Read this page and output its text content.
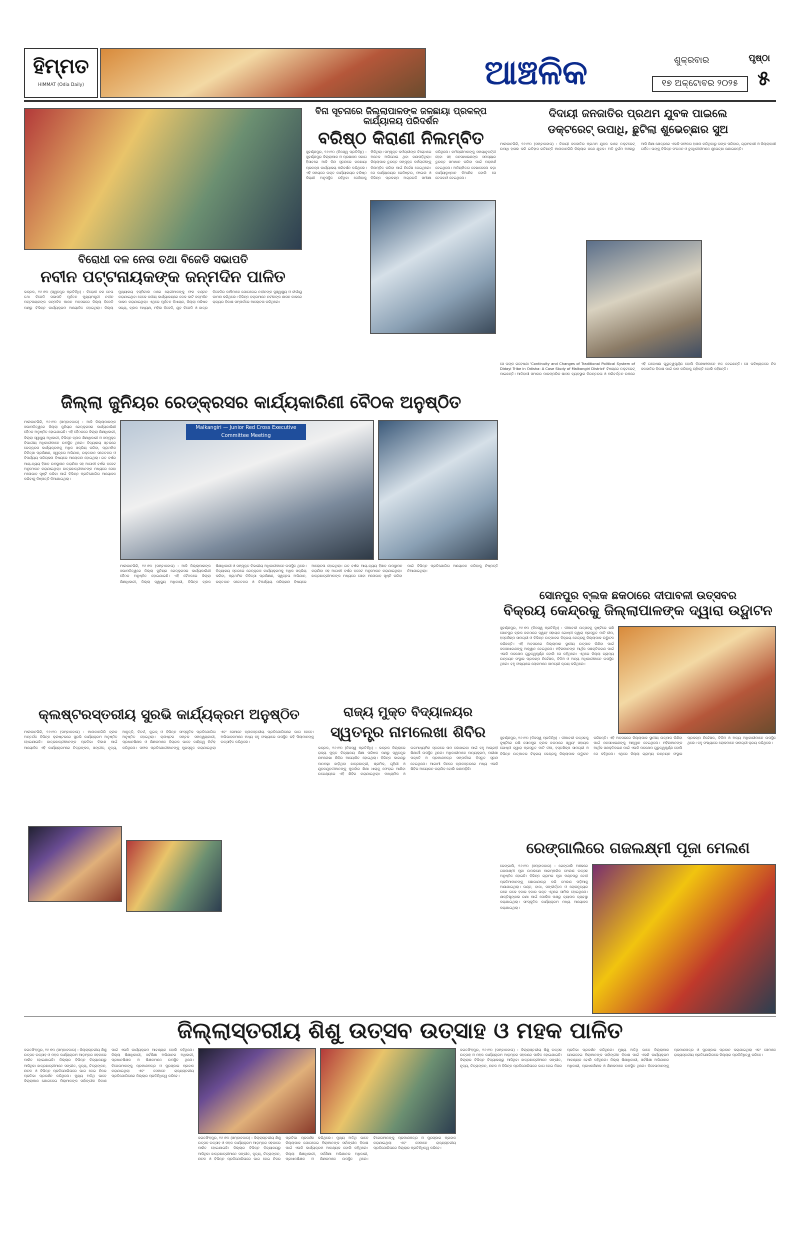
ହିମ୍ମତ
HIMMAT (Odia Daily)	ଆଞ୍ଚଳିକ	ପୃଷ୍ଠା
ଶୁକ୍ରବାର
୧୭ ଅକ୍ଟୋବର ୨୦୨୫ ୫
ବିରୋଧୀ ଦଳ ନେତା ତଥା ବିଜେଡି ସଭାପତି
ନବୀନ ପଟ୍ଟନାୟକଙ୍କ ଜନ୍ମଦିନ ପାଳିତ
ଭଦ୍ରକ, ୧୬।୧୦ (ସ୍ୱତନ୍ତ୍ର ପ୍ରତିନିଧି) : ବିରୋଧୀ ଦଳ ନେତା ତଥା ବିଜେଡି ସଭାପତି ପୂର୍ବତନ ମୁଖ୍ୟମନ୍ତ୍ରୀ ନବୀନ ପଟ୍ଟନାୟକଙ୍କ ଜନ୍ମଦିନ ପାଳନ ଅବସରରେ ଜିଲ୍ଲା ବିଜେଡି ପକ୍ଷରୁ ବିଭିନ୍ନ କାର୍ଯ୍ୟକ୍ରମ ଆୟୋଜିତ ହୋଇଥିଲା। ଜିଲ୍ଲା ମୁଖ୍ୟାଳୟ ହସ୍ପିଟାଲ ଠାରେ ରୋଗୀମାନଙ୍କୁ ଫଳ ବଣ୍ଟନ କରାଯାଇଥିବା ବେଳେ ଦଳୀୟ କାର୍ଯ୍ୟାଳୟରେ କେକ କାଟି ଜନ୍ମଦିନ ପାଳନ କରାଯାଇଥିଲା। ଏଥିରେ ପୂର୍ବତନ ବିଧାୟକ, ଜିଲ୍ଲା ପରିଷଦ ସଭ୍ୟ, ବ୍ଲକ ଅଧ୍ୟକ୍ଷ, ମହିଳା ବିଜେଡି, ଯୁବ ବିଜେଡି ଓ ଛାତ୍ର ବିଜେଡିର କର୍ମୀମାନେ ଯୋଗଦେଇ ନବୀନଙ୍କ ସୁସ୍ୱାସ୍ଥ୍ୟ ଓ ଦୀର୍ଘାୟୁ କାମନା କରିଥିଲେ। ବିଭିନ୍ନ ବକ୍ତାମାନେ ନବୀନଙ୍କ ଶାସନ କାଳରେ ରାଜ୍ୟର ବିକାଶ ସମ୍ପର୍କରେ ଆଲୋଚନା କରିଥିଲେ।
ବିନା ସୂଚନାରେ ଜିଲ୍ଲାପାଳଙ୍କ ଜଳଛାୟା ପ୍ରକଳ୍ପ କାର୍ଯ୍ୟାଳୟ ପରିଦର୍ଶନ
ବରିଷ୍ଠ କିରାଣୀ ନିଲମ୍ବିତ
ସୁବର୍ଣ୍ଣପୁର, ୧୬।୧୦ (ନିଜସ୍ୱ ପ୍ରତିନିଧି) : ସୁବର୍ଣ୍ଣପୁର ଜିଲ୍ଲାପାଳ ଓ ପ୍ରଶାସନ ସଜାଗ ହିସାବରେ ଆଜି ବିନା ସୂଚନାରେ ଜଳଛାୟା ପ୍ରକଳ୍ପ କାର୍ଯ୍ୟାଳୟ ପରିଦର୍ଶନ କରିଥିଲେ। ଏହି ସମୟରେ ଉକ୍ତ କାର୍ଯ୍ୟାଳୟର ବରିଷ୍ଠ କିରାଣୀ ଅନୁପସ୍ଥିତ ରହିଥିବା ଦେଖିବାକୁ ମିଳିଥିଲା। ସମ୍ପୃକ୍ତ କର୍ମଚାରୀଙ୍କ ବିରୋଧରେ ଅନେକ ଅଭିଯୋଗ ଥିବା ଜଣାପଡ଼ିଥିଲା। ଜିଲ୍ଲାପାଳ ତୁରନ୍ତ ସମ୍ପୃକ୍ତ କର୍ମଚାରୀଙ୍କୁ ନିଲମ୍ବିତ କରିବା ପାଇଁ ନିର୍ଦ୍ଦେଶ ଦେଇଥିଲେ। ସେ କାର୍ଯ୍ୟାଳୟର ରେଜିଷ୍ଟର, ଫାଇଲ ଓ ବିଭିନ୍ନ ପ୍ରକଳ୍ପ ଅଗ୍ରଗତି ସମୀକ୍ଷା କରିଥିଲେ। କର୍ମଚାରୀମାନଙ୍କୁ ସମୟାନୁବର୍ତ୍ତୀ ହେବା ସହ ଜନସାଧାରଣଙ୍କ ସମସ୍ୟାର ତୁରନ୍ତ ସମାଧାନ କରିବା ପାଇଁ ପରାମର୍ଶ ଦେଇଥିଲେ। ଅନିୟମିତତା ଦେଖାଦେଲେ କଡ଼ା କାର୍ଯ୍ୟାନୁଷ୍ଠାନ ନିଆଯିବ ବୋଲି ସେ ଚେତାବନୀ ଦେଇଥିଲେ।
ଦିଦାୟୀ ଜନଜାତିର ପ୍ରଥମ ଯୁବକ ପାଇଲେ
ଡକ୍ଟରେଟ୍ ଉପାଧି, ଛୁଟିଲା ଶୁଭେଚ୍ଛାର ସୁଅ
ମାଲକାନଗିରି, ୧୬।୧୦ (ସମ୍ବାଦଦାତା) : ଦିଦାୟୀ ଜନଜାତିର ପ୍ରଥମ ଯୁବକ ଭାବେ ଡକ୍ଟରେଟ୍ ଉପାଧି ହାସଲ କରି ଇତିହାସ ରଚିଛନ୍ତି ମାଲକାନଗିରି ଜିଲ୍ଲାର ଜଣେ ଯୁବକ। ଅତି ଦୁର୍ଗମ ଅଞ୍ଚଳରୁ ଆସି ଶିକ୍ଷା କ୍ଷେତ୍ରରେ ଏଭଳି ସଫଳତା ହାସଲ କରିଥିବାରୁ ତାଙ୍କ ପରିବାର, ଗ୍ରାମବାସୀ ଓ ଜିଲ୍ଲାବାସୀ ଗର୍ବିତ। ତାଙ୍କୁ ବିଭିନ୍ନ ସଂଗଠନ ଓ ବୁଦ୍ଧିଜୀବୀମାନେ ଶୁଭେଚ୍ଛା ଜଣାଇଛନ୍ତି।
ସେ ତାଙ୍କ ଗବେଷଣା 'Continuity and Changes of Traditional Political System of Didayi Tribe in Odisha: A Case Study of Malkangiri District' ବିଷୟରେ ଡକ୍ଟରେଟ୍ ପାଇଛନ୍ତି। ଆଦିବାସୀ ସମାଜର ପାରମ୍ପରିକ ଶାସନ ବ୍ୟବସ୍ଥାର ନିରନ୍ତରତା ଓ ପରିବର୍ତ୍ତନ ଉପରେ ଏହି ଗବେଷଣା ଗୁରୁତ୍ୱପୂର୍ଣ୍ଣ ବୋଲି ବିଶେଷଜ୍ଞମାନେ ମତ ଦେଇଛନ୍ତି। ସେ ଭବିଷ୍ୟତରେ ନିଜ ଜନଜାତିର ବିକାଶ ପାଇଁ କାମ କରିବାକୁ ଚାହାଁନ୍ତି ବୋଲି କହିଛନ୍ତି।
ଜିଲ୍ଲା ଜୁନିୟର ରେଡ୍‌କ୍ରସର କାର୍ଯ୍ୟକାରିଣୀ ବୈଠକ ଅନୁଷ୍ଠିତ
ମାଲକାନଗିରି, ୧୬।୧୦ (ସମ୍ବାଦଦାତା) : ଆଜି ଜିଲ୍ଲାପାଳଙ୍କ ସଭାପତିତ୍ୱରେ ଜିଲ୍ଲା ଜୁନିୟର ରେଡ୍‌କ୍ରସର କାର୍ଯ୍ୟକାରିଣୀ ବୈଠକ ଅନୁଷ୍ଠିତ ହୋଇଯାଇଛି। ଏହି ବୈଠକରେ ଜିଲ୍ଲା ଶିକ୍ଷାଧିକାରୀ, ଜିଲ୍ଲା ସ୍ୱାସ୍ଥ୍ୟ ଅଧିକାରୀ, ବିଭିନ୍ନ ବ୍ଲକ ଶିକ୍ଷାଧିକାରୀ ଓ ସମ୍ପୃକ୍ତ ବିଭାଗୀୟ ଅଧିକାରୀମାନେ ଉପସ୍ଥିତ ଥିଲେ। ବିଦ୍ୟାଳୟ ସ୍ତରରେ ରେଡ୍‌କ୍ରସ କାର୍ଯ୍ୟକ୍ରମକୁ ଅଧିକ ସକ୍ରିୟ କରିବା, ପ୍ରାଥମିକ ଚିକିତ୍ସା ପ୍ରଶିକ୍ଷଣ, ସ୍ୱଚ୍ଛତା ଅଭିଯାନ, ରକ୍ତଦାନ ସଚେତନତା ଓ ବିପର୍ଯ୍ୟୟ ପରିଚାଳନା ବିଷୟରେ ଆଲୋଚନା ହୋଇଥିଲା। ଗତ ବର୍ଷର ଆୟ-ବ୍ୟୟ ହିସାବ ଉପସ୍ଥାପନ କରାଯିବା ସହ ଆଗାମୀ ବର୍ଷର ବଜେଟ ଅନୁମୋଦନ କରାଯାଇଥିଲା। ଛାତ୍ରଛାତ୍ରୀମାନଙ୍କ ମଧ୍ୟରେ ସେବା ମନୋଭାବ ସୃଷ୍ଟି କରିବା ପାଇଁ ବିଭିନ୍ନ ପ୍ରତିଯୋଗିତା ଆୟୋଜନ କରିବାକୁ ନିଷ୍ପତ୍ତି ନିଆଯାଇଥିଲା।
Malkangiri — Junior Red Cross Executive Committee Meeting
ମାଲକାନଗିରି, ୧୬।୧୦ (ସମ୍ବାଦଦାତା) : ଆଜି ଜିଲ୍ଲାପାଳଙ୍କ ସଭାପତିତ୍ୱରେ ଜିଲ୍ଲା ଜୁନିୟର ରେଡ୍‌କ୍ରସର କାର୍ଯ୍ୟକାରିଣୀ ବୈଠକ ଅନୁଷ୍ଠିତ ହୋଇଯାଇଛି। ଏହି ବୈଠକରେ ଜିଲ୍ଲା ଶିକ୍ଷାଧିକାରୀ, ଜିଲ୍ଲା ସ୍ୱାସ୍ଥ୍ୟ ଅଧିକାରୀ, ବିଭିନ୍ନ ବ୍ଲକ ଶିକ୍ଷାଧିକାରୀ ଓ ସମ୍ପୃକ୍ତ ବିଭାଗୀୟ ଅଧିକାରୀମାନେ ଉପସ୍ଥିତ ଥିଲେ। ବିଦ୍ୟାଳୟ ସ୍ତରରେ ରେଡ୍‌କ୍ରସ କାର୍ଯ୍ୟକ୍ରମକୁ ଅଧିକ ସକ୍ରିୟ କରିବା, ପ୍ରାଥମିକ ଚିକିତ୍ସା ପ୍ରଶିକ୍ଷଣ, ସ୍ୱଚ୍ଛତା ଅଭିଯାନ, ରକ୍ତଦାନ ସଚେତନତା ଓ ବିପର୍ଯ୍ୟୟ ପରିଚାଳନା ବିଷୟରେ ଆଲୋଚନା ହୋଇଥିଲା। ଗତ ବର୍ଷର ଆୟ-ବ୍ୟୟ ହିସାବ ଉପସ୍ଥାପନ କରାଯିବା ସହ ଆଗାମୀ ବର୍ଷର ବଜେଟ ଅନୁମୋଦନ କରାଯାଇଥିଲା। ଛାତ୍ରଛାତ୍ରୀମାନଙ୍କ ମଧ୍ୟରେ ସେବା ମନୋଭାବ ସୃଷ୍ଟି କରିବା ପାଇଁ ବିଭିନ୍ନ ପ୍ରତିଯୋଗିତା ଆୟୋଜନ କରିବାକୁ ନିଷ୍ପତ୍ତି ନିଆଯାଇଥିଲା।
ସୋନପୁର ବ୍ଲକ ଛକଠାରେ ଦୀପାବଳୀ ଉତ୍ସବର
ବିକ୍ରୟ କେନ୍ଦ୍ରକୁ ଜିଲ୍ଲାପାଳଙ୍କ ଦ୍ୱାରା ଉଦ୍ଘାଟନ
ସୁବର୍ଣ୍ଣପୁର, ୧୬।୧୦ (ନିଜସ୍ୱ ପ୍ରତିନିଧି) : ଦୀପାବଳୀ ଉତ୍ସବକୁ ଦୃଷ୍ଟିରେ ରଖି ସୋନପୁର ବ୍ଲକ ଛକଠାରେ ସ୍ୱୟଂ ସହାୟକ ଗୋଷ୍ଠୀ ଦ୍ୱାରା ପ୍ରସ୍ତୁତ ମାଟି ଦୀପ, ହସ୍ତଶିଳ୍ପ ସାମଗ୍ରୀ ଓ ବିଭିନ୍ନ ଉତ୍ପାଦର ବିକ୍ରୟ କେନ୍ଦ୍ରକୁ ଜିଲ୍ଲାପାଳ ଉଦ୍ଘାଟନ କରିଛନ୍ତି। ଏହି ଅବସରରେ ଜିଲ୍ଲାପାଳ ସ୍ଥାନୀୟ ଉତ୍ପାଦ କିଣିବା ପାଇଁ ଜନସାଧାରଣଙ୍କୁ ଆହ୍ୱାନ ଦେଇଥିଲେ। ମହିଳାମାନଙ୍କ ଆର୍ଥିକ ସଶକ୍ତିକରଣ ପାଇଁ ଏଭଳି ପଦକ୍ଷେପ ଗୁରୁତ୍ୱପୂର୍ଣ୍ଣ ବୋଲି ସେ କହିଥିଲେ। ଏଥିରେ ଜିଲ୍ଲା ଗ୍ରାମ୍ୟ ଉନ୍ନୟନ ସଂସ୍ଥାର ପ୍ରକଳ୍ପ ନିର୍ଦ୍ଦେଶକ, ବିଡିଓ ଓ ଅନ୍ୟ ଅଧିକାରୀମାନେ ଉପସ୍ଥିତ ଥିଲେ। ବହୁ ସଂଖ୍ୟାରେ ଲୋକମାନେ ସାମଗ୍ରୀ କ୍ରୟ କରିଥିଲେ।
ସୁବର୍ଣ୍ଣପୁର, ୧୬।୧୦ (ନିଜସ୍ୱ ପ୍ରତିନିଧି) : ଦୀପାବଳୀ ଉତ୍ସବକୁ ଦୃଷ୍ଟିରେ ରଖି ସୋନପୁର ବ୍ଲକ ଛକଠାରେ ସ୍ୱୟଂ ସହାୟକ ଗୋଷ୍ଠୀ ଦ୍ୱାରା ପ୍ରସ୍ତୁତ ମାଟି ଦୀପ, ହସ୍ତଶିଳ୍ପ ସାମଗ୍ରୀ ଓ ବିଭିନ୍ନ ଉତ୍ପାଦର ବିକ୍ରୟ କେନ୍ଦ୍ରକୁ ଜିଲ୍ଲାପାଳ ଉଦ୍ଘାଟନ କରିଛନ୍ତି। ଏହି ଅବସରରେ ଜିଲ୍ଲାପାଳ ସ୍ଥାନୀୟ ଉତ୍ପାଦ କିଣିବା ପାଇଁ ଜନସାଧାରଣଙ୍କୁ ଆହ୍ୱାନ ଦେଇଥିଲେ। ମହିଳାମାନଙ୍କ ଆର୍ଥିକ ସଶକ୍ତିକରଣ ପାଇଁ ଏଭଳି ପଦକ୍ଷେପ ଗୁରୁତ୍ୱପୂର୍ଣ୍ଣ ବୋଲି ସେ କହିଥିଲେ। ଏଥିରେ ଜିଲ୍ଲା ଗ୍ରାମ୍ୟ ଉନ୍ନୟନ ସଂସ୍ଥାର ପ୍ରକଳ୍ପ ନିର୍ଦ୍ଦେଶକ, ବିଡିଓ ଓ ଅନ୍ୟ ଅଧିକାରୀମାନେ ଉପସ୍ଥିତ ଥିଲେ। ବହୁ ସଂଖ୍ୟାରେ ଲୋକମାନେ ସାମଗ୍ରୀ କ୍ରୟ କରିଥିଲେ।
କ୍ଲଷ୍ଟରସ୍ତରୀୟ ସୁରଭି କାର୍ଯ୍ୟକ୍ରମ ଅନୁଷ୍ଠିତ
ମାଲକାନଗିରି, ୧୬।୧୦ (ସମ୍ବାଦଦାତା) : ମାଲକାନଗିରି ବ୍ଲକ ଅନ୍ତର୍ଗତ ବିଭିନ୍ନ କ୍ଲଷ୍ଟରରେ ସୁରଭି କାର୍ଯ୍ୟକ୍ରମ ଅନୁଷ୍ଠିତ ହୋଇଯାଇଛି। ଛାତ୍ରଛାତ୍ରୀମାନଙ୍କ ପ୍ରତିଭା ବିକାଶ ପାଇଁ ଆୟୋଜିତ ଏହି କାର୍ଯ୍ୟକ୍ରମରେ ଚିତ୍ରାଙ୍କନ, ସଙ୍ଗୀତ, ନୃତ୍ୟ, ଆବୃତ୍ତି, ବିତର୍କ, କୁଇଜ୍ ଓ ବିଭିନ୍ନ ସାଂସ୍କୃତିକ ପ୍ରତିଯୋଗିତା ଅନୁଷ୍ଠିତ ହୋଇଥିଲା। କ୍ଲଷ୍ଟର ସମ୍ବଳ ସମନ୍ୱୟକାରୀ, ପ୍ରଧାନଶିକ୍ଷକ ଓ ଶିକ୍ଷକମାନେ ବିଚାରକ ଭାବେ ଦାୟିତ୍ୱ ନିର୍ବାହ କରିଥିଲେ। ସଫଳ ପ୍ରତିଯୋଗୀମାନଙ୍କୁ ପୁରସ୍କୃତ କରାଯାଇଥିଲା ଏବଂ ସେମାନେ ବ୍ଲକସ୍ତରୀୟ ପ୍ରତିଯୋଗିତାରେ ଭାଗ ନେବେ। ଅଭିଭାବକମାନେ ମଧ୍ୟ ବହୁ ସଂଖ୍ୟାରେ ଉପସ୍ଥିତ ରହି ପିଲାମାନଙ୍କୁ ଉତ୍ସାହିତ କରିଥିଲେ।
ରାଜ୍ୟ ମୁକ୍ତ ବିଦ୍ୟାଳୟର
ସ୍ୱତନ୍ତ୍ର ନାମଲେଖା ଶିବିର
ଭଦ୍ରକ, ୧୬।୧୦ (ନିଜସ୍ୱ ପ୍ରତିନିଧି) : ଭଦ୍ରକ ଜିଲ୍ଲାରେ ରାଜ୍ୟ ମୁକ୍ତ ବିଦ୍ୟାଳୟ ଶିକ୍ଷା ପରିଷଦ ପକ୍ଷରୁ ସ୍ୱତନ୍ତ୍ର ନାମଲେଖା ଶିବିର ଆୟୋଜିତ ହୋଇଥିଲା। ବିଭିନ୍ନ କାରଣରୁ ପାଠପଢ଼ା ଛାଡ଼ିଥିବା ଛାତ୍ରଛାତ୍ରୀ, ଶ୍ରମିକ, ଗୃହିଣୀ ଓ ଯୁବକଯୁବତୀମାନଙ୍କୁ ପୁନର୍ବାର ଶିକ୍ଷା ଧାରାକୁ ଫେରାଇ ଆଣିବା ଉଦ୍ଦେଶ୍ୟରେ ଏହି ଶିବିର କରାଯାଇଥିଲା। ମାଧ୍ୟମିକ ଓ ଉଚ୍ଚମାଧ୍ୟମିକ ସ୍ତରରେ ନାମ ଲେଖାଇବା ପାଇଁ ବହୁ ଆଗ୍ରହୀ ଶିକ୍ଷାର୍ଥୀ ଉପସ୍ଥିତ ଥିଲେ। ଅଧିକାରୀମାନେ ପାଠ୍ୟକ୍ରମ, ପରୀକ୍ଷା ପଦ୍ଧତି ଓ ପ୍ରମାଣପତ୍ର ସମ୍ପର୍କରେ ବିସ୍ତୃତ ସୂଚନା ଦେଇଥିଲେ। ଆଗାମୀ ଦିନରେ ବ୍ଲକସ୍ତରରେ ମଧ୍ୟ ଏଭଳି ଶିବିର ଆୟୋଜନ କରାଯିବ ବୋଲି ଜଣାପଡ଼ିଛି।
ରେଙ୍ଗାଲିରେ ଗଜଲକ୍ଷ୍ମୀ ପୂଜା ମେଲଣ
ରେଙ୍ଗାଲି, ୧୬।୧୦ (ସମ୍ବାଦଦାତା) : ରେଙ୍ଗାଲି ଅଞ୍ଚଳରେ ଗଜଲକ୍ଷ୍ମୀ ପୂଜା ଉପଲକ୍ଷେ ପାରମ୍ପରିକ ମେଲଣ ଉତ୍ସବ ଅନୁଷ୍ଠିତ ହୋଇଛି। ବିଭିନ୍ନ ଗ୍ରାମର ପୂଜା ମଣ୍ଡପରୁ ଦେବୀ ପ୍ରତିମାମାନଙ୍କୁ ଶୋଭାଯାତ୍ରା କରି ମେଲଣ ପଡ଼ିଆକୁ ଅଣାଯାଇଥିଲା। ଘଣ୍ଟ, ବାଜା, ସଙ୍କୀର୍ତ୍ତନ ଓ ଲୋକନୃତ୍ୟର ତାଳେ ତାଳେ ହଜାର ହଜାର ଭକ୍ତ ଏଥିରେ ସାମିଲ ହୋଇଥିଲେ। ଶାନ୍ତିଶୃଙ୍ଖଳା ରକ୍ଷା ପାଇଁ ପୋଲିସ ପକ୍ଷରୁ ବ୍ୟାପକ ବ୍ୟବସ୍ଥା କରାଯାଇଥିଲା। ସାଂସ୍କୃତିକ କାର୍ଯ୍ୟକ୍ରମ ମଧ୍ୟ ଆୟୋଜନ କରାଯାଇଥିଲା।
ଜିଲ୍ଲାସ୍ତରୀୟ ଶିଶୁ ଉତ୍ସବ ଉତ୍ସାହ ଓ ମହକ ପାଳିତ
ଜଗତସିଂହପୁର, ୧୬।୧୦ (ସମ୍ବାଦଦାତା) : ଜିଲ୍ଲାସ୍ତରୀୟ ଶିଶୁ ଉତ୍ସବ ଉତ୍ସାହ ଓ ମହକ କାର୍ଯ୍ୟକ୍ରମ ଆଡ଼ମ୍ବର ସହକାରେ ପାଳିତ ହୋଇଯାଇଛି। ଜିଲ୍ଲାର ବିଭିନ୍ନ ବିଦ୍ୟାଳୟରୁ ଆସିଥିବା ଛାତ୍ରଛାତ୍ରୀମାନେ ସଙ୍ଗୀତ, ନୃତ୍ୟ, ଚିତ୍ରାଙ୍କନ, ନାଟକ ଓ ବିଭିନ୍ନ ପ୍ରତିଯୋଗିତାରେ ଭାଗ ନେଇ ନିଜର ପ୍ରତିଭା ପ୍ରଦର୍ଶନ କରିଥିଲେ। ମୁଖ୍ୟ ଅତିଥି ଭାବେ ଜିଲ୍ଲାପାଳ ଯୋଗଦେଇ ପିଲାମାନଙ୍କ ସର୍ବାଙ୍ଗୀନ ବିକାଶ ପାଇଁ ଏଭଳି କାର୍ଯ୍ୟକ୍ରମ ଆବଶ୍ୟକ ବୋଲି କହିଥିଲେ। ଜିଲ୍ଲା ଶିକ୍ଷାଧିକାରୀ, ସର୍ବଶିକ୍ଷା ଅଭିଯାନର ଅଧିକାରୀ, ପ୍ରଧାନଶିକ୍ଷକ ଓ ଶିକ୍ଷକମାନେ ଉପସ୍ଥିତ ଥିଲେ। ବିଜେତାମାନଙ୍କୁ ପ୍ରମାଣପତ୍ର ଓ ପୁରସ୍କାର ପ୍ରଦାନ କରାଯାଇଥିଲା ଏବଂ ସେମାନେ ରାଜ୍ୟସ୍ତରୀୟ ପ୍ରତିଯୋଗିତାରେ ଜିଲ୍ଲାର ପ୍ରତିନିଧିତ୍ୱ କରିବେ।
ଜଗତସିଂହପୁର, ୧୬।୧୦ (ସମ୍ବାଦଦାତା) : ଜିଲ୍ଲାସ୍ତରୀୟ ଶିଶୁ ଉତ୍ସବ ଉତ୍ସାହ ଓ ମହକ କାର୍ଯ୍ୟକ୍ରମ ଆଡ଼ମ୍ବର ସହକାରେ ପାଳିତ ହୋଇଯାଇଛି। ଜିଲ୍ଲାର ବିଭିନ୍ନ ବିଦ୍ୟାଳୟରୁ ଆସିଥିବା ଛାତ୍ରଛାତ୍ରୀମାନେ ସଙ୍ଗୀତ, ନୃତ୍ୟ, ଚିତ୍ରାଙ୍କନ, ନାଟକ ଓ ବିଭିନ୍ନ ପ୍ରତିଯୋଗିତାରେ ଭାଗ ନେଇ ନିଜର ପ୍ରତିଭା ପ୍ରଦର୍ଶନ କରିଥିଲେ। ମୁଖ୍ୟ ଅତିଥି ଭାବେ ଜିଲ୍ଲାପାଳ ଯୋଗଦେଇ ପିଲାମାନଙ୍କ ସର୍ବାଙ୍ଗୀନ ବିକାଶ ପାଇଁ ଏଭଳି କାର୍ଯ୍ୟକ୍ରମ ଆବଶ୍ୟକ ବୋଲି କହିଥିଲେ। ଜିଲ୍ଲା ଶିକ୍ଷାଧିକାରୀ, ସର୍ବଶିକ୍ଷା ଅଭିଯାନର ଅଧିକାରୀ, ପ୍ରଧାନଶିକ୍ଷକ ଓ ଶିକ୍ଷକମାନେ ଉପସ୍ଥିତ ଥିଲେ। ବିଜେତାମାନଙ୍କୁ ପ୍ରମାଣପତ୍ର ଓ ପୁରସ୍କାର ପ୍ରଦାନ କରାଯାଇଥିଲା ଏବଂ ସେମାନେ ରାଜ୍ୟସ୍ତରୀୟ ପ୍ରତିଯୋଗିତାରେ ଜିଲ୍ଲାର ପ୍ରତିନିଧିତ୍ୱ କରିବେ।
ଜଗତସିଂହପୁର, ୧୬।୧୦ (ସମ୍ବାଦଦାତା) : ଜିଲ୍ଲାସ୍ତରୀୟ ଶିଶୁ ଉତ୍ସବ ଉତ୍ସାହ ଓ ମହକ କାର୍ଯ୍ୟକ୍ରମ ଆଡ଼ମ୍ବର ସହକାରେ ପାଳିତ ହୋଇଯାଇଛି। ଜିଲ୍ଲାର ବିଭିନ୍ନ ବିଦ୍ୟାଳୟରୁ ଆସିଥିବା ଛାତ୍ରଛାତ୍ରୀମାନେ ସଙ୍ଗୀତ, ନୃତ୍ୟ, ଚିତ୍ରାଙ୍କନ, ନାଟକ ଓ ବିଭିନ୍ନ ପ୍ରତିଯୋଗିତାରେ ଭାଗ ନେଇ ନିଜର ପ୍ରତିଭା ପ୍ରଦର୍ଶନ କରିଥିଲେ। ମୁଖ୍ୟ ଅତିଥି ଭାବେ ଜିଲ୍ଲାପାଳ ଯୋଗଦେଇ ପିଲାମାନଙ୍କ ସର୍ବାଙ୍ଗୀନ ବିକାଶ ପାଇଁ ଏଭଳି କାର୍ଯ୍ୟକ୍ରମ ଆବଶ୍ୟକ ବୋଲି କହିଥିଲେ। ଜିଲ୍ଲା ଶିକ୍ଷାଧିକାରୀ, ସର୍ବଶିକ୍ଷା ଅଭିଯାନର ଅଧିକାରୀ, ପ୍ରଧାନଶିକ୍ଷକ ଓ ଶିକ୍ଷକମାନେ ଉପସ୍ଥିତ ଥିଲେ। ବିଜେତାମାନଙ୍କୁ ପ୍ରମାଣପତ୍ର ଓ ପୁରସ୍କାର ପ୍ରଦାନ କରାଯାଇଥିଲା ଏବଂ ସେମାନେ ରାଜ୍ୟସ୍ତରୀୟ ପ୍ରତିଯୋଗିତାରେ ଜିଲ୍ଲାର ପ୍ରତିନିଧିତ୍ୱ କରିବେ।
